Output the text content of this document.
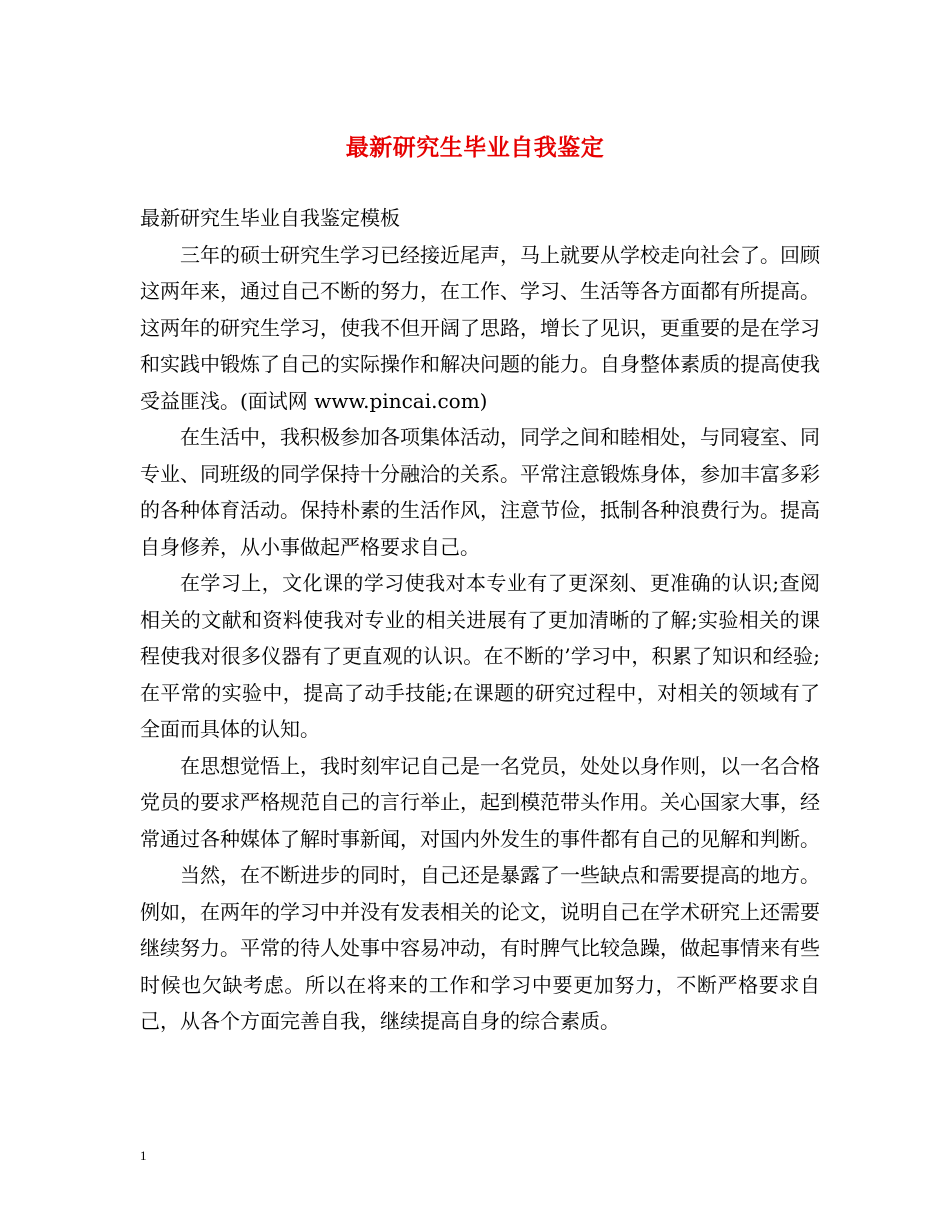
最新研究生毕业自我鉴定

最新研究生毕业自我鉴定模板

三年的硕士研究生学习已经接近尾声，马上就要从学校走向社会了。回顾这两年来，通过自己不断的努力，在工作、学习、生活等各方面都有所提高。这两年的研究生学习，使我不但开阔了思路，增长了见识，更重要的是在学习和实践中锻炼了自己的实际操作和解决问题的能力。自身整体素质的提高使我受益匪浅。(面试网 www.pincai.com)

在生活中，我积极参加各项集体活动，同学之间和睦相处，与同寝室、同专业、同班级的同学保持十分融洽的关系。平常注意锻炼身体，参加丰富多彩的各种体育活动。保持朴素的生活作风，注意节俭，抵制各种浪费行为。提高自身修养，从小事做起严格要求自己。

在学习上，文化课的学习使我对本专业有了更深刻、更准确的认识;查阅相关的文献和资料使我对专业的相关进展有了更加清晰的了解;实验相关的课程使我对很多仪器有了更直观的认识。在不断的’学习中，积累了知识和经验;在平常的实验中，提高了动手技能;在课题的研究过程中，对相关的领域有了全面而具体的认知。

在思想觉悟上，我时刻牢记自己是一名党员，处处以身作则，以一名合格党员的要求严格规范自己的言行举止，起到模范带头作用。关心国家大事，经常通过各种媒体了解时事新闻，对国内外发生的事件都有自己的见解和判断。

当然，在不断进步的同时，自己还是暴露了一些缺点和需要提高的地方。例如，在两年的学习中并没有发表相关的论文，说明自己在学术研究上还需要继续努力。平常的待人处事中容易冲动，有时脾气比较急躁，做起事情来有些时候也欠缺考虑。所以在将来的工作和学习中要更加努力，不断严格要求自己，从各个方面完善自我，继续提高自身的综合素质。

1
